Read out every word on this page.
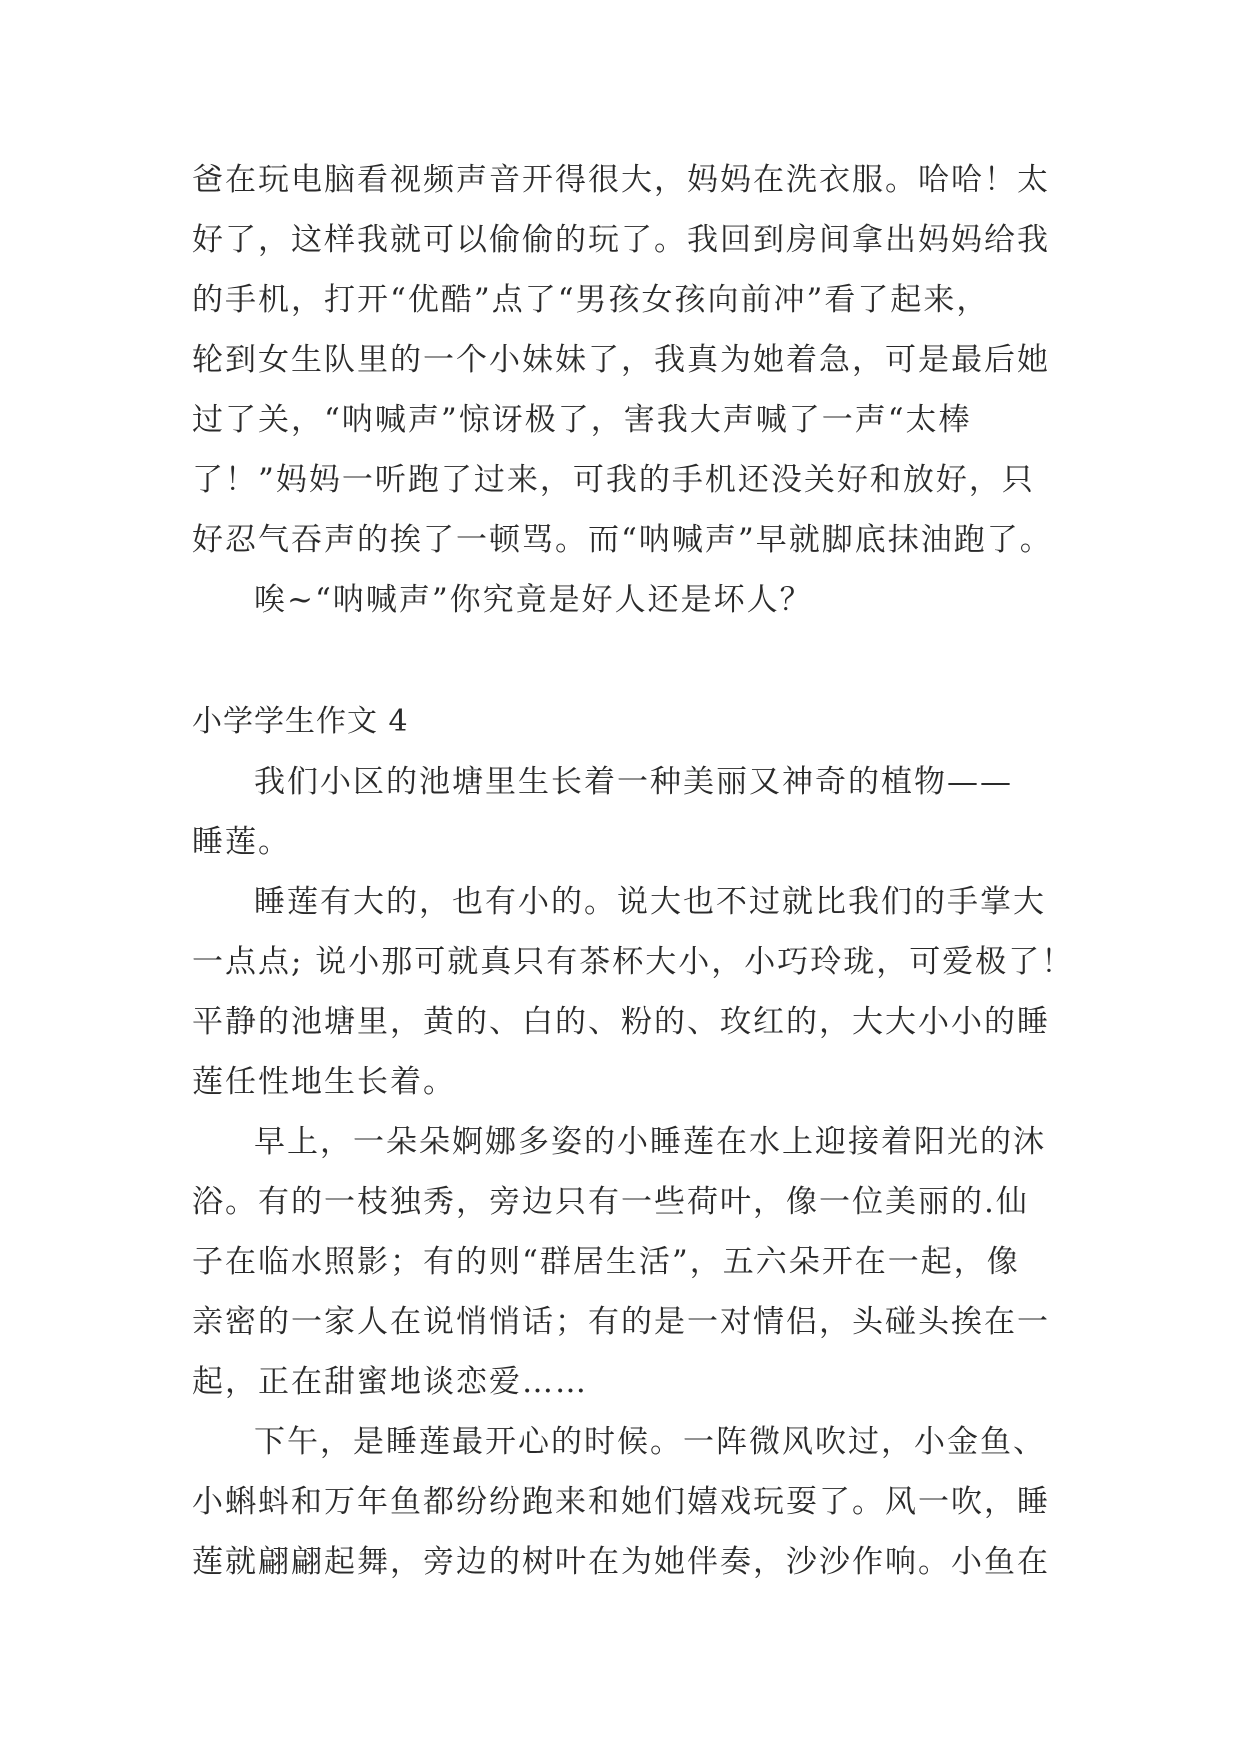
爸在玩电脑看视频声音开得很大，妈妈在洗衣服。哈哈！太
好了，这样我就可以偷偷的玩了。我回到房间拿出妈妈给我
的手机，打开“优酷”点了“男孩女孩向前冲”看了起来，
轮到女生队里的一个小妹妹了，我真为她着急，可是最后她
过了关，“呐喊声”惊讶极了，害我大声喊了一声“太棒
了！”妈妈一听跑了过来，可我的手机还没关好和放好，只
好忍气吞声的挨了一顿骂。而“呐喊声”早就脚底抹油跑了。
唉~“呐喊声”你究竟是好人还是坏人？
小学学生作文 4
我们小区的池塘里生长着一种美丽又神奇的植物——
睡莲。
睡莲有大的，也有小的。说大也不过就比我们的手掌大
一点点; 说小那可就真只有茶杯大小，小巧玲珑，可爱极了！
平静的池塘里，黄的、白的、粉的、玫红的，大大小小的睡
莲任性地生长着。
早上，一朵朵婀娜多姿的小睡莲在水上迎接着阳光的沐
浴。有的一枝独秀，旁边只有一些荷叶，像一位美丽的.仙
子在临水照影；有的则“群居生活”，五六朵开在一起，像
亲密的一家人在说悄悄话；有的是一对情侣，头碰头挨在一
起，正在甜蜜地谈恋爱……
下午，是睡莲最开心的时候。一阵微风吹过，小金鱼、
小蝌蚪和万年鱼都纷纷跑来和她们嬉戏玩耍了。风一吹，睡
莲就翩翩起舞，旁边的树叶在为她伴奏，沙沙作响。小鱼在
